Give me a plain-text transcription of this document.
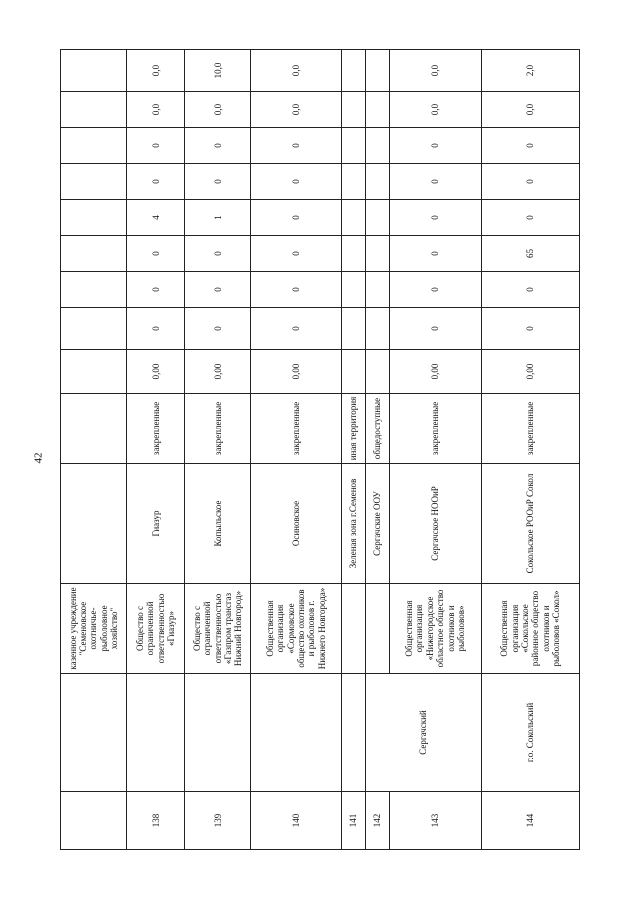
42
		казенное учреждение "Семеновское охотничье-рыболовное хозяйство"											
138		Общество с ограниченной ответственностью «Гиазур»	Гиазур	закрепленные	0,00	0	0	0	4	0	0	0,0	0,0
139		Общество с ограниченной ответственностью «Газпром трансгаз Нижний Новгород»	Копыльское	закрепленные	0,00	0	0	0	1	0	0	0,0	10,0
140		Общественная организация «Сормовское общество охотников и рыболовов г. Нижнего Новгорода»	Осиновское	закрепленные	0,00	0	0	0	0	0	0	0,0	0,0
141			Зеленая зона г.Семенов	иная территория									
142	Сергачский		Сергачские ООУ	общедоступные									
143		Общественная организация «Нижегородское областное общество охотников и рыболовов»	Сергачское НООиР	закрепленные	0,00	0	0	0	0	0	0	0,0	0,0
144	г.о. Сокольский	Общественная организация «Сокольское районное общество охотников и рыболовов «Сокол»	Сокольское РООиР Сокол	закрепленные	0,00	0	0	65	0	0	0	0,0	2,0
